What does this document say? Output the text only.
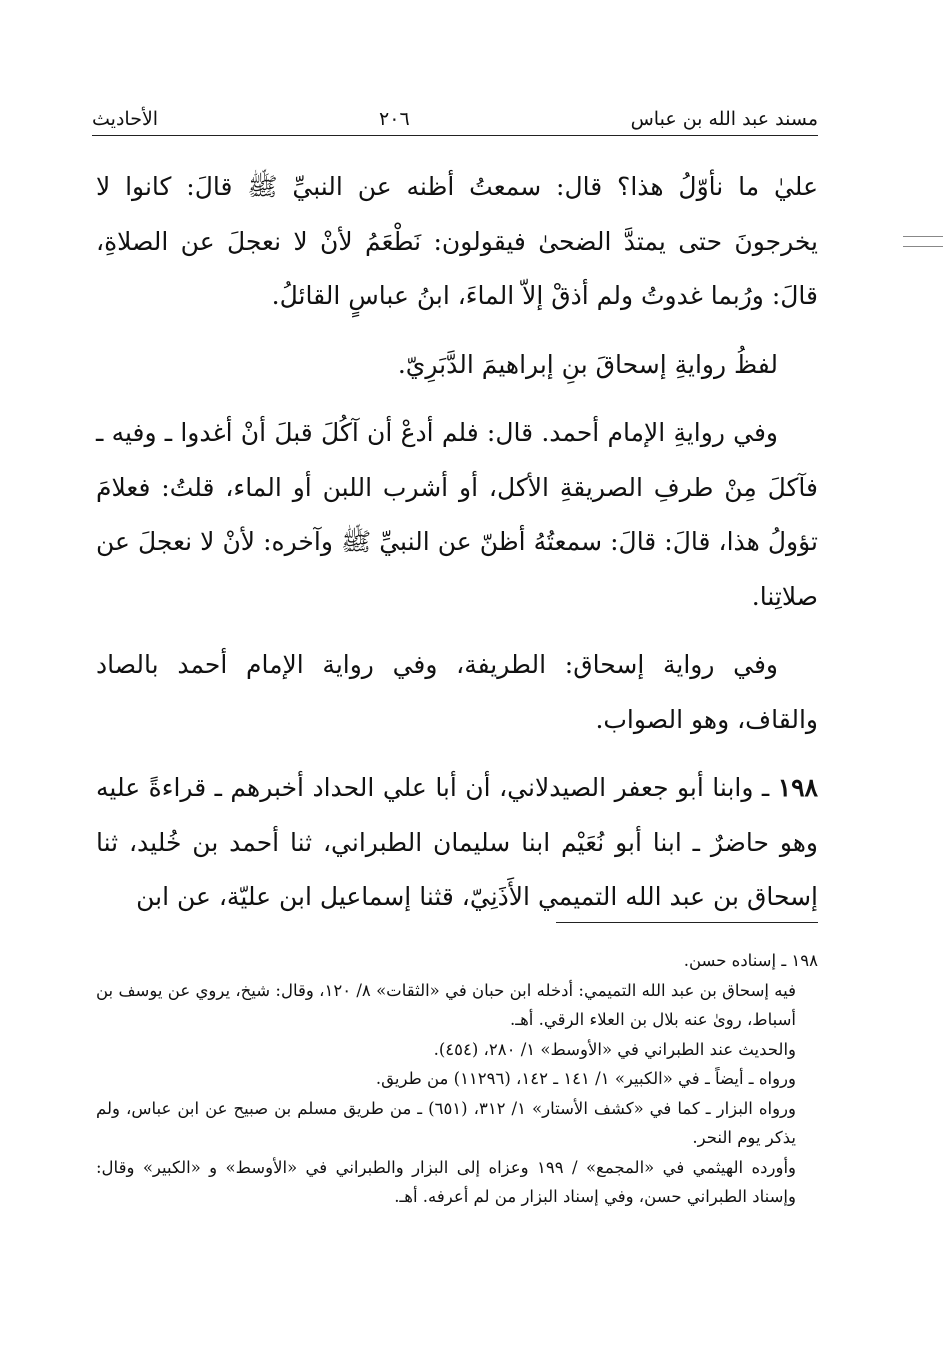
مسند عبد الله بن عباس
٢٠٦
الأحاديث

عليٰ ما نأوّلُ هذا؟ قال: سمعتُ أظنه عن النبيِّ ﷺ قالَ: كانوا لا يخرجونَ حتى يمتدَّ الضحىٰ فيقولون: نَطْعَمُ لأنْ لا نعجلَ عن الصلاةِ، قالَ: ورُبما غدوتُ ولم أذقْ إلاّ الماءَ، ابنُ عباسٍ القائلُ.

لفظُ روايةِ إسحاقَ بنِ إبراهيمَ الدَّبَرِيّ.

وفي روايةِ الإمام أحمد. قال: فلم أدعْ أن آكُلَ قبلَ أنْ أغدوا ـ وفيه ـ فآكلَ مِنْ طرفِ الصريقةِ الأكل، أو أشرب اللبن أو الماء، قلتُ: فعلامَ تؤولُ هذا، قالَ: قالَ: سمعتُهُ أظنّ عن النبيِّ ﷺ وآخره: لأنْ لا نعجلَ عن صلاتِنا.

وفي رواية إسحاق: الطريفة، وفي رواية الإمام أحمد بالصاد والقاف، وهو الصواب.

١٩٨ ـ وابنا أبو جعفر الصيدلاني، أن أبا علي الحداد أخبرهم ـ قراءةً عليه وهو حاضرٌ ـ ابنا أبو نُعَيْم ابنا سليمان الطبراني، ثنا أحمد بن خُليد، ثنا إسحاق بن عبد الله التميمي الأَذَنِيّ، قثنا إسماعيل ابن عليّة، عن ابن

١٩٨ ـ إسناده حسن.

فيه إسحاق بن عبد الله التميمي: أدخله ابن حبان في «الثقات» ٨/ ١٢٠، وقال: شيخ، يروي عن يوسف بن أسباط، روىٰ عنه بلال بن العلاء الرقي. أهـ.

والحديث عند الطبراني في «الأوسط» ١/ ٢٨٠، (٤٥٤).

ورواه ـ أيضاً ـ في «الكبير» ١/ ١٤١ ـ ١٤٢، (١١٢٩٦) من طريق.

ورواه البزار ـ كما في «كشف الأستار» ١/ ٣١٢، (٦٥١) ـ من طريق مسلم بن صبيح عن ابن عباس، ولم يذكر يوم النحر.

وأورده الهيثمي في «المجمع» / ١٩٩ وعزاه إلى البزار والطبراني في «الأوسط» و «الكبير» وقال: وإسناد الطبراني حسن، وفي إسناد البزار من لم أعرفه. أهـ.
